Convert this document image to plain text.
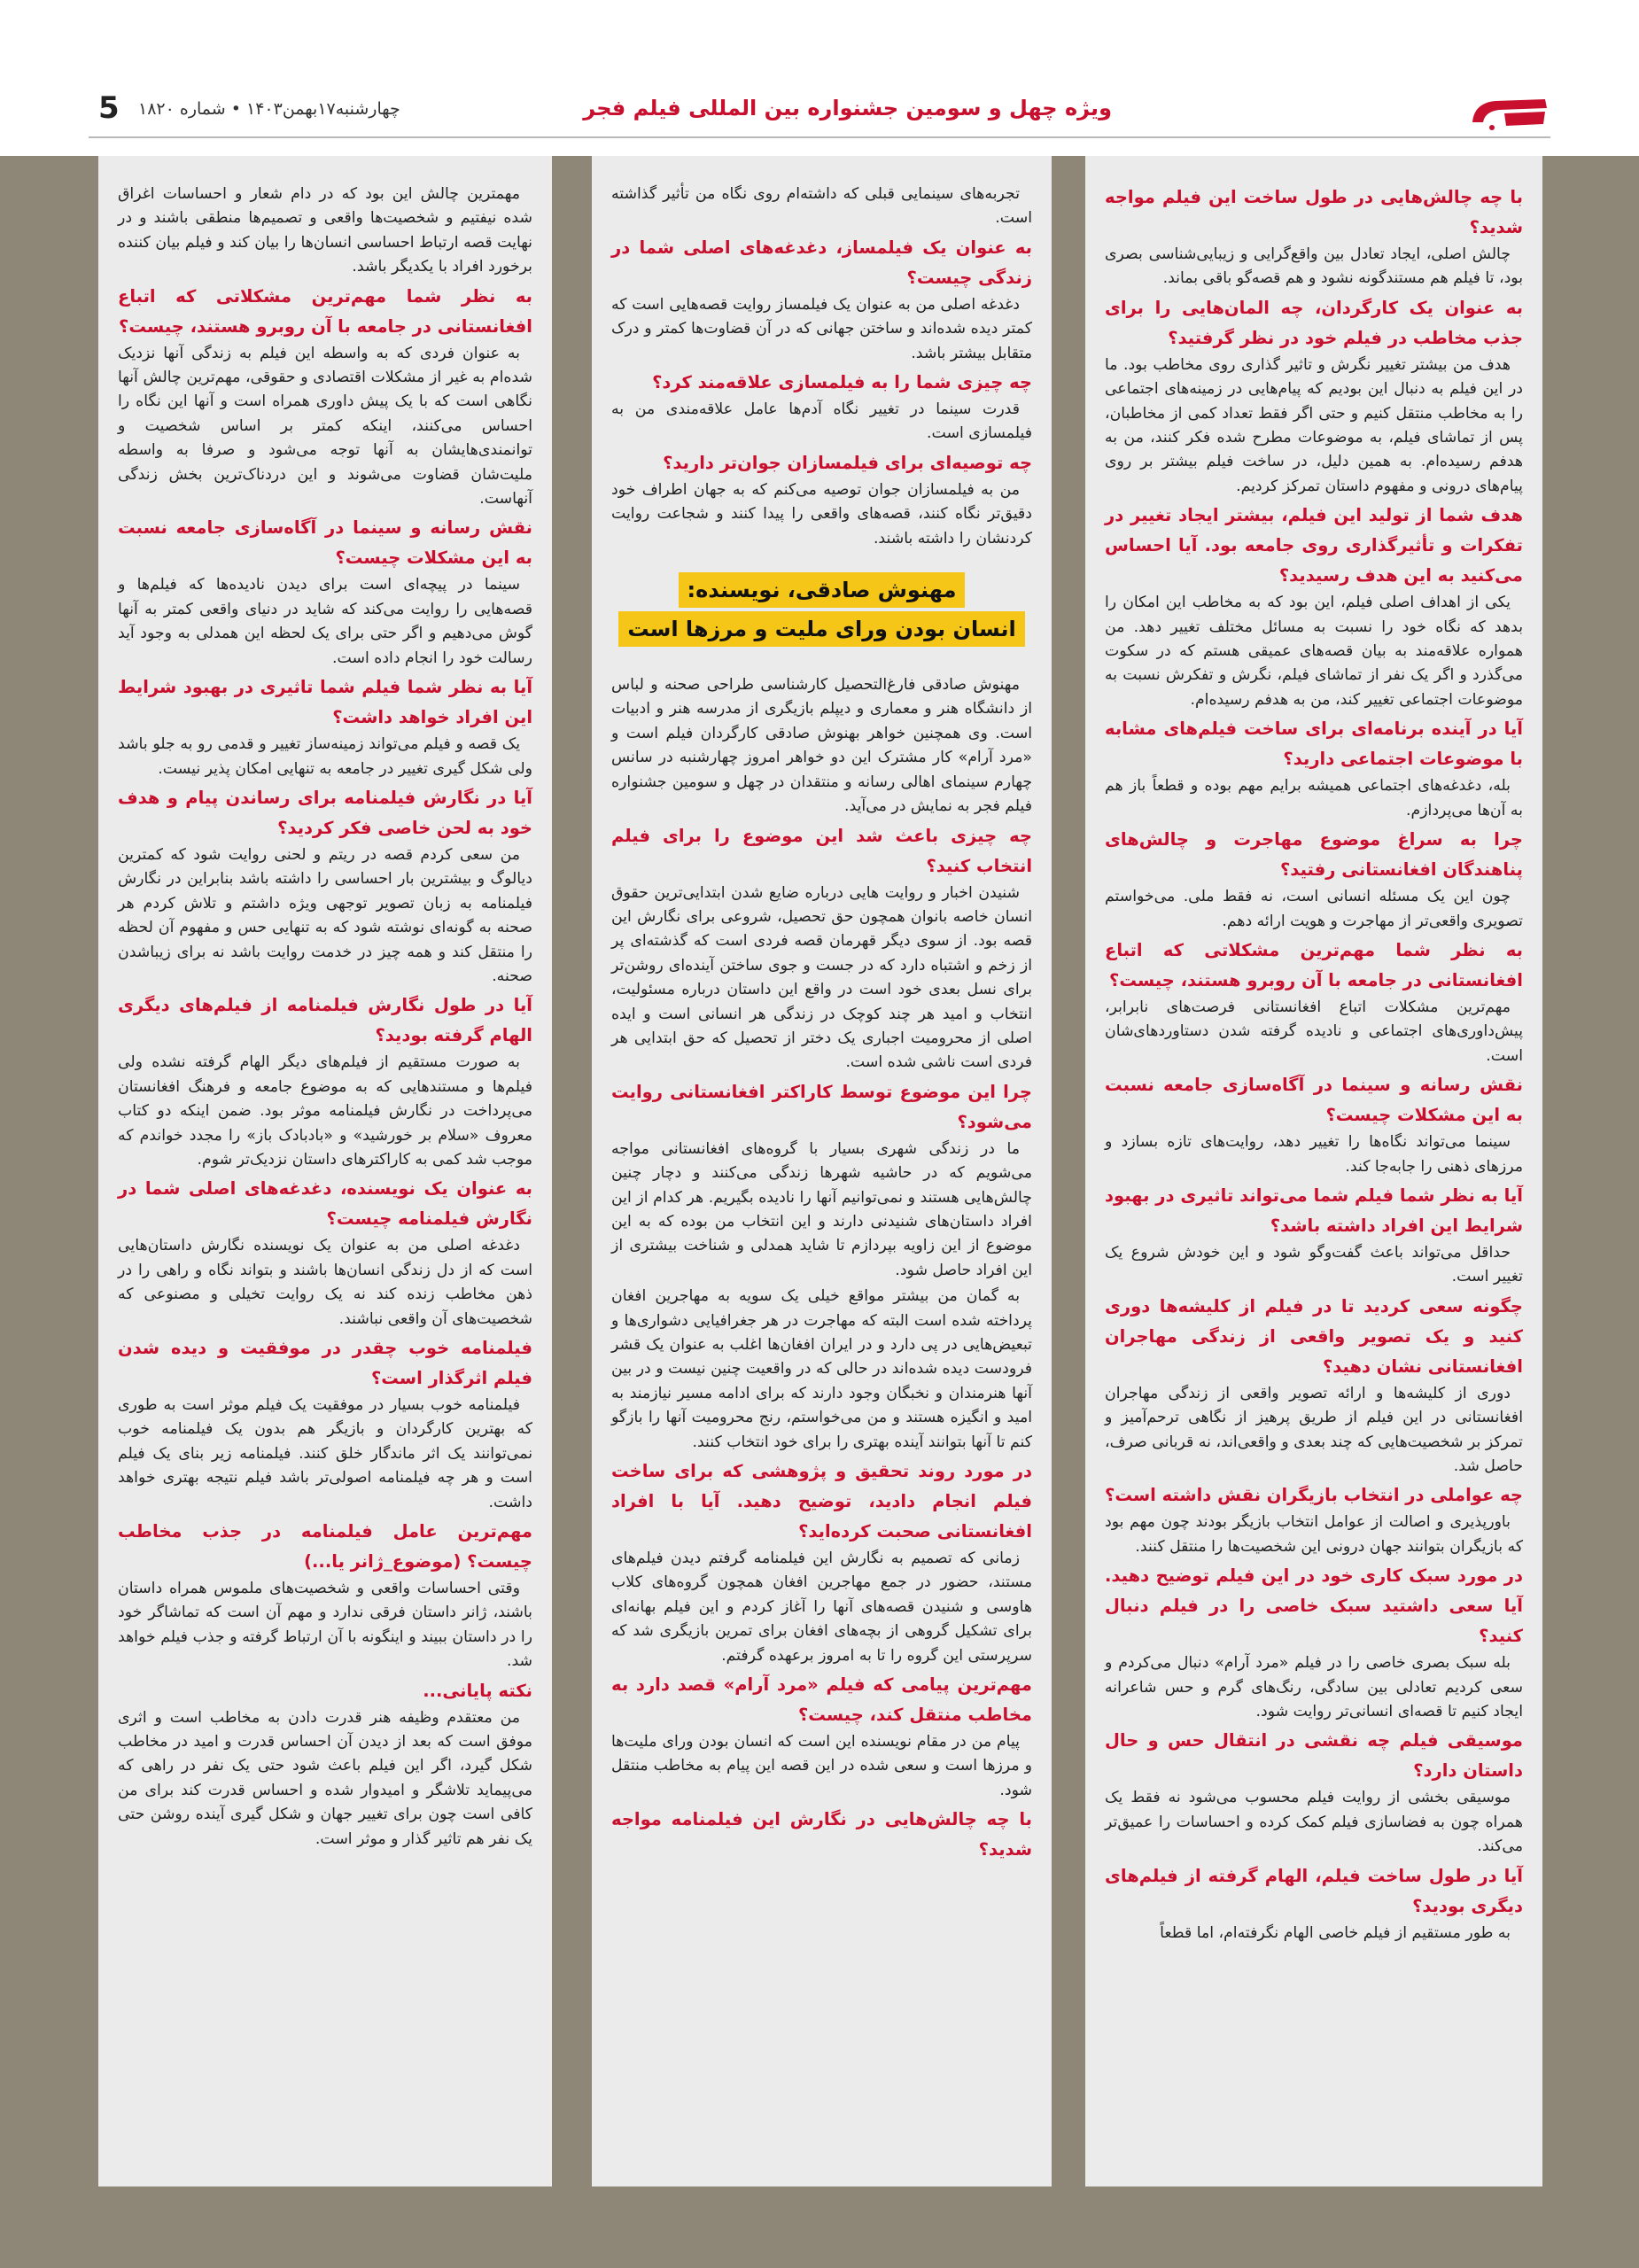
ویژه چهل و سومین جشنواره بین المللی فیلم فجر
چهارشنبه۱۷بهمن۱۴۰۳ • شماره ۱۸۲۰
5

با چه چالش‌هایی در طول ساخت این فیلم مواجه شدید؟

چالش اصلی، ایجاد تعادل بین واقع‌گرایی و زیبایی‌شناسی بصری بود، تا فیلم هم مستندگونه نشود و هم قصه‌گو باقی بماند.

به عنوان یک کارگردان، چه المان‌هایی را برای جذب مخاطب در فیلم خود در نظر گرفتید؟

هدف من بیشتر تغییر نگرش و تاثیر گذاری روی مخاطب بود. ما در این فیلم به دنبال این بودیم که پیام‌هایی در زمینه‌های اجتماعی را به مخاطب منتقل کنیم و حتی اگر فقط تعداد کمی از مخاطبان، پس از تماشای فیلم، به موضوعات مطرح شده فکر کنند، من به هدفم رسیده‌ام. به همین دلیل، در ساخت فیلم بیشتر بر روی پیام‌های درونی و مفهوم داستان تمرکز کردیم.

هدف شما از تولید این فیلم، بیشتر ایجاد تغییر در تفکرات و تأثیر‌گذاری روی جامعه بود. آیا احساس می‌کنید به این هدف رسیدید؟

یکی از اهداف اصلی فیلم، این بود که به مخاطب این امکان را بدهد که نگاه خود را نسبت به مسائل مختلف تغییر دهد. من همواره علاقه‌مند به بیان قصه‌های عمیقی هستم که در سکوت می‌گذرد و اگر یک نفر از تماشای فیلم، نگرش و تفکرش نسبت به موضوعات اجتماعی تغییر کند، من به هدفم رسیده‌ام.

آیا در آینده برنامه‌ای برای ساخت فیلم‌های مشابه با موضوعات اجتماعی دارید؟

بله، دغدغه‌های اجتماعی همیشه برایم مهم بوده و قطعاً باز هم به آن‌ها می‌پردازم.

چرا به سراغ موضوع مهاجرت و چالش‌های پناهندگان افغانستانی رفتید؟

چون این یک مسئله انسانی است، نه فقط ملی. می‌خواستم تصویری واقعی‌تر از مهاجرت و هویت ارائه دهم.

به نظر شما مهم‌ترین مشکلاتی که اتباع افغانستانی در جامعه با آن روبرو هستند، چیست؟

مهم‌ترین مشکلات اتباع افغانستانی فرصت‌های نابرابر، پیش‌داوری‌های اجتماعی و نادیده گرفته شدن دستاوردهای‌شان است.

نقش رسانه و سینما در آگاه‌سازی جامعه نسبت به این مشکلات چیست؟

سینما می‌تواند نگاه‌ها را تغییر دهد، روایت‌های تازه بسازد و مرزهای ذهنی را جابه‌جا کند.

آیا به نظر شما فیلم شما می‌تواند تاثیری در بهبود شرایط این افراد داشته باشد؟

حداقل می‌تواند باعث گفت‌و‌گو شود و این خودش شروع یک تغییر است.

چگونه سعی کردید تا در فیلم از کلیشه‌ها دوری کنید و یک تصویر واقعی از زندگی مهاجران افغانستانی نشان دهید؟

دوری از کلیشه‌ها و ارائه تصویر واقعی از زندگی مهاجران افغانستانی در این فیلم از طریق پرهیز از نگاهی ترحم‌آمیز و تمرکز بر شخصیت‌هایی که چند بعدی و واقعی‌اند، نه قربانی صرف، حاصل شد.

چه عواملی در انتخاب بازیگران نقش داشته است؟

باورپذیری و اصالت از عوامل انتخاب بازیگر بودند چون مهم بود که بازیگران بتوانند جهان درونی این شخصیت‌ها را منتقل کنند.

در مورد سبک کاری خود در این فیلم توضیح دهید. آیا سعی داشتید سبک خاصی را در فیلم دنبال کنید؟

بله سبک بصری خاصی را در فیلم «مرد آرام» دنبال می‌کردم و سعی کردیم تعادلی بین سادگی، رنگ‌های گرم و حس شاعرانه ایجاد کنیم تا قصه‌ای انسانی‌تر روایت شود.

موسیقی فیلم چه نقشی در انتقال حس و حال داستان دارد؟

موسیقی بخشی از روایت فیلم محسوب می‌شود نه فقط یک همراه چون به فضاسازی فیلم کمک کرده و احساسات را عمیق‌تر می‌کند.

آیا در طول ساخت فیلم، الهام گرفته از فیلم‌های دیگری بودید؟

به طور مستقیم از فیلم خاصی الهام نگرفته‌ام، اما قطعاً

تجربه‌های سینمایی قبلی که داشته‌ام روی نگاه من تأثیر گذاشته است.

به عنوان یک فیلمساز، دغدغه‌های اصلی شما در زندگی چیست؟

دغدغه اصلی من به عنوان یک فیلمساز روایت قصه‌هایی است که کمتر دیده شده‌اند و ساختن جهانی که در آن قضاوت‌ها کمتر و درک متقابل بیشتر باشد.

چه چیزی شما را به فیلمسازی علاقه‌مند کرد؟

قدرت سینما در تغییر نگاه آدم‌ها عامل علاقه‌مندی من به فیلمسازی است.

چه توصیه‌ای برای فیلمسازان جوان‌تر دارید؟

من به فیلمسازان جوان توصیه می‌کنم که به جهان اطراف خود دقیق‌تر نگاه کنند، قصه‌های واقعی را پیدا کنند و شجاعت روایت کردنشان را داشته باشند.

مهنوش صادقی، نویسنده:
انسان بودن ورای ملیت و مرزها است

مهنوش صادقی فارغ‌التحصیل کارشناسی طراحی صحنه و لباس از دانشگاه هنر و معماری و دیپلم بازیگری از مدرسه هنر و ادبیات است. وی همچنین خواهر بهنوش صادقی کارگردان فیلم است و «مرد آرام» کار مشترک این دو خواهر امروز چهارشنبه در سانس چهارم سینمای اهالی رسانه و منتقدان در چهل و سومین جشنواره فیلم فجر به نمایش در می‌آید.

چه چیزی باعث شد این موضوع را برای فیلم انتخاب کنید؟

شنیدن اخبار و روایت هایی درباره ضایع شدن ابتدایی‌ترین حقوق انسان خاصه بانوان همچون حق تحصیل، شروعی برای نگارش این قصه بود. از سوی دیگر قهرمان قصه فردی است که گذشته‌ای پر از زخم و اشتباه دارد که در جست و جوی ساختن آینده‌ای روشن‌تر برای نسل بعدی خود است در واقع این داستان درباره مسئولیت، انتخاب و امید هر چند کوچک در زندگی هر انسانی است و ایده اصلی از محرومیت اجباری یک دختر از تحصیل که حق ابتدایی هر فردی است ناشی شده است.

چرا این موضوع توسط کاراکتر افغانستانی روایت می‌شود؟

ما در زندگی شهری بسیار با گروه‌های افغانستانی مواجه می‌شویم که در حاشیه شهرها زندگی می‌کنند و دچار چنین چالش‌هایی هستند و نمی‌توانیم آنها را نادیده بگیریم. هر کدام از این افراد داستان‌های شنیدنی دارند و این انتخاب من بوده که به این موضوع از این زاویه بپردازم تا شاید همدلی و شناخت بیشتری از این افراد حاصل شود.

به گمان من بیشتر مواقع خیلی یک سویه به مهاجرین افغان پرداخته شده است البته که مهاجرت در هر جغرافیایی دشواری‌ها و تبعیض‌هایی در پی دارد و در ایران افغان‌ها اغلب به عنوان یک قشر فرودست دیده شده‌اند در حالی که در واقعیت چنین نیست و در بین آنها هنرمندان و نخبگان وجود دارند که برای ادامه مسیر نیازمند به امید و انگیزه هستند و من می‌خواستم، رنج محرومیت آنها را بازگو کنم تا آنها بتوانند آینده بهتری را برای خود انتخاب کنند.

در مورد روند تحقیق و پژوهشی که برای ساخت فیلم انجام دادید، توضیح دهید. آیا با افراد افغانستانی صحبت کرده‌اید؟

زمانی که تصمیم به نگارش این فیلمنامه گرفتم دیدن فیلم‌های مستند، حضور در جمع مهاجرین افغان همچون گروه‌های کلاب هاوسی و شنیدن قصه‌های آنها را آغاز کردم و این فیلم بهانه‌ای برای تشکیل گروهی از بچه‌های افغان برای تمرین بازیگری شد که سرپرستی این گروه را تا به امروز برعهده گرفتم.

مهم‌ترین پیامی که فیلم «مرد آرام» قصد دارد به مخاطب منتقل کند، چیست؟

پیام من در مقام نویسنده این است که انسان بودن ورای ملیت‌ها و مرزها است و سعی شده در این قصه این پیام به مخاطب منتقل شود.

با چه چالش‌هایی در نگارش این فیلمنامه مواجه شدید؟

مهمترین چالش این بود که در دام شعار و احساسات اغراق شده نیفتیم و شخصیت‌ها واقعی و تصمیم‌ها منطقی باشند و در نهایت قصه ارتباط احساسی انسان‌ها را بیان کند و فیلم بیان کننده برخورد افراد با یکدیگر باشد.

به نظر شما مهم‌ترین مشکلاتی که اتباع افغانستانی در جامعه با آن روبرو هستند، چیست؟

به عنوان فردی که به واسطه این فیلم به زندگی آنها نزدیک شده‌ام به غیر از مشکلات اقتصادی و حقوقی، مهم‌ترین چالش آنها نگاهی است که با یک پیش داوری همراه است و آنها این نگاه را احساس می‌کنند، اینکه کمتر بر اساس شخصیت و توانمندی‌هایشان به آنها توجه می‌شود و صرفا به واسطه ملیت‌شان قضاوت می‌شوند و این دردناک‌ترین بخش زندگی آنهاست.

نقش رسانه و سینما در آگاه‌سازی جامعه نسبت به این مشکلات چیست؟

سینما در پیچه‌ای است برای دیدن نادیده‌ها که فیلم‌ها و قصه‌هایی را روایت می‌کند که شاید در دنیای واقعی کمتر به آنها گوش می‌دهیم و اگر حتی برای یک لحظه این همدلی به وجود آید رسالت خود را انجام داده است.

آیا به نظر شما فیلم شما تاثیری در بهبود شرایط این افراد خواهد داشت؟

یک قصه و فیلم می‌تواند زمینه‌ساز تغییر و قدمی رو به جلو باشد ولی شکل گیری تغییر در جامعه به تنهایی امکان پذیر نیست.

آیا در نگارش فیلمنامه برای رساندن پیام و هدف خود به لحن خاصی فکر کردید؟

من سعی کردم قصه در ریتم و لحنی روایت شود که کمترین دیالوگ و بیشترین بار احساسی را داشته باشد بنابراین در نگارش فیلمنامه به زبان تصویر توجهی ویژه داشتم و تلاش کردم هر صحنه به گونه‌ای نوشته شود که به تنهایی حس و مفهوم آن لحظه را منتقل کند و همه چیز در خدمت روایت باشد نه برای زیباشدن صحنه.

آیا در طول نگارش فیلمنامه از فیلم‌های دیگری الهام گرفته بودید؟

به صورت مستقیم از فیلم‌های دیگر الهام گرفته نشده ولی فیلم‌ها و مستندهایی که به موضوع جامعه و فرهنگ افغانستان می‌پرداخت در نگارش فیلمنامه موثر بود. ضمن اینکه دو کتاب معروف «سلام بر خورشید» و «بادبادک باز» را مجدد خواندم که موجب شد کمی به کاراکترهای داستان نزدیک‌تر شوم.

به عنوان یک نویسنده، دغدغه‌های اصلی شما در نگارش فیلمنامه چیست؟

دغدغه اصلی من به عنوان یک نویسنده نگارش داستان‌هایی است که از دل زندگی انسان‌ها باشند و بتواند نگاه و راهی را در ذهن مخاطب زنده کند نه یک روایت تخیلی و مصنوعی که شخصیت‌های آن واقعی نباشند.

فیلمنامه خوب چقدر در موفقیت و دیده شدن فیلم اثرگذار است؟

فیلمنامه خوب بسیار در موفقیت یک فیلم موثر است به طوری که بهترین کارگردان و بازیگر هم بدون یک فیلمنامه خوب نمی‌توانند یک اثر ماندگار خلق کنند. فیلمنامه زیر بنای یک فیلم است و هر چه فیلمنامه اصولی‌تر باشد فیلم نتیجه بهتری خواهد داشت.

مهم‌ترین عامل فیلمنامه در جذب مخاطب چیست؟ (موضوع_ژانر یا...)

وقتی احساسات واقعی و شخصیت‌های ملموس همراه داستان باشند، ژانر داستان فرقی ندارد و مهم آن است که تماشاگر خود را در داستان ببیند و اینگونه با آن ارتباط گرفته و جذب فیلم خواهد شد.

نکته پایانی...

من معتقدم وظیفه هنر قدرت دادن به مخاطب است و اثری موفق است که بعد از دیدن آن احساس قدرت و امید در مخاطب شکل گیرد، اگر این فیلم باعث شود حتی یک نفر در راهی که می‌پیماید تلاشگر و امیدوار شده و احساس قدرت کند برای من کافی است چون برای تغییر جهان و شکل گیری آینده روشن حتی یک نفر هم تاثیر گذار و موثر است.
